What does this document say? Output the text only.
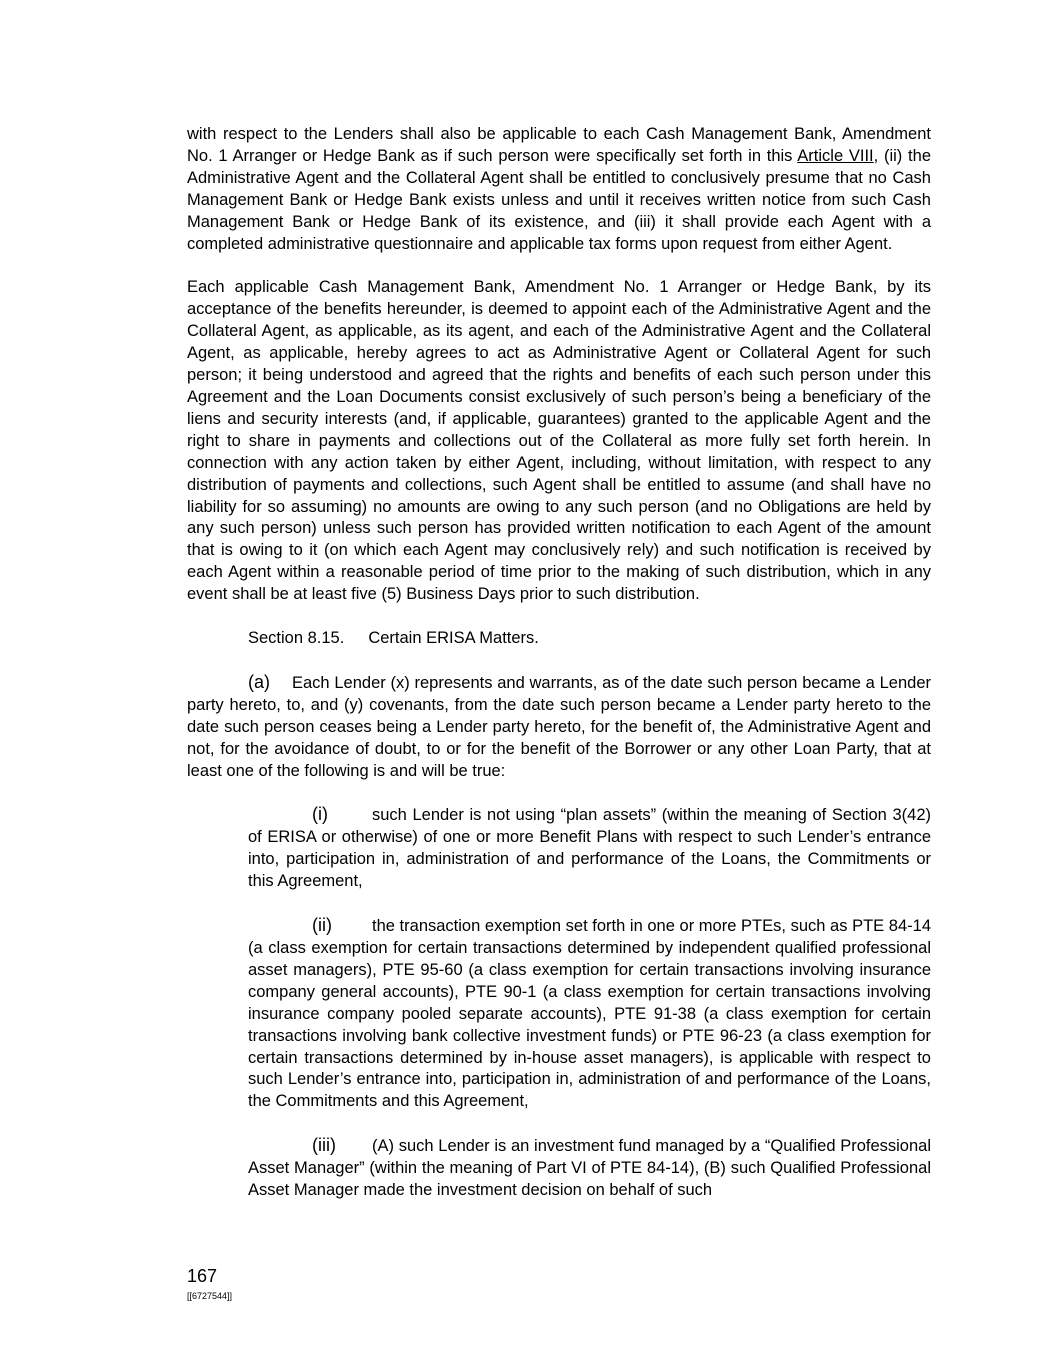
with respect to the Lenders shall also be applicable to each Cash Management Bank, Amendment No. 1 Arranger or Hedge Bank as if such person were specifically set forth in this Article VIII, (ii) the Administrative Agent and the Collateral Agent shall be entitled to conclusively presume that no Cash Management Bank or Hedge Bank exists unless and until it receives written notice from such Cash Management Bank or Hedge Bank of its existence, and (iii) it shall provide each Agent with a completed administrative questionnaire and applicable tax forms upon request from either Agent.

Each applicable Cash Management Bank, Amendment No. 1 Arranger or Hedge Bank, by its acceptance of the benefits hereunder, is deemed to appoint each of the Administrative Agent and the Collateral Agent, as applicable, as its agent, and each of the Administrative Agent and the Collateral Agent, as applicable, hereby agrees to act as Administrative Agent or Collateral Agent for such person; it being understood and agreed that the rights and benefits of each such person under this Agreement and the Loan Documents consist exclusively of such person’s being a beneficiary of the liens and security interests (and, if applicable, guarantees) granted to the applicable Agent and the right to share in payments and collections out of the Collateral as more fully set forth herein. In connection with any action taken by either Agent, including, without limitation, with respect to any distribution of payments and collections, such Agent shall be entitled to assume (and shall have no liability for so assuming) no amounts are owing to any such person (and no Obligations are held by any such person) unless such person has provided written notification to each Agent of the amount that is owing to it (on which each Agent may conclusively rely) and such notification is received by each Agent within a reasonable period of time prior to the making of such distribution, which in any event shall be at least five (5) Business Days prior to such distribution.

Section 8.15. Certain ERISA Matters.

(a) Each Lender (x) represents and warrants, as of the date such person became a Lender party hereto, to, and (y) covenants, from the date such person became a Lender party hereto to the date such person ceases being a Lender party hereto, for the benefit of, the Administrative Agent and not, for the avoidance of doubt, to or for the benefit of the Borrower or any other Loan Party, that at least one of the following is and will be true:

(i)	such Lender is not using “plan assets” (within the meaning of Section 3(42) of ERISA or otherwise) of one or more Benefit Plans with respect to such Lender’s entrance into, participation in, administration of and performance of the Loans, the Commitments or this Agreement,

(ii) the transaction exemption set forth in one or more PTEs, such as PTE 84-14 (a class exemption for certain transactions determined by independent qualified professional asset managers), PTE 95-60 (a class exemption for certain transactions involving insurance company general accounts), PTE 90-1 (a class exemption for certain transactions involving insurance company pooled separate accounts), PTE 91-38 (a class exemption for certain transactions involving bank collective investment funds) or PTE 96-23 (a class exemption for certain transactions determined by in-house asset managers), is applicable with respect to such Lender’s entrance into, participation in, administration of and performance of the Loans, the Commitments and this Agreement,

(iii) (A) such Lender is an investment fund managed by a “Qualified Professional Asset Manager” (within the meaning of Part VI of PTE 84-14), (B) such Qualified Professional Asset Manager made the investment decision on behalf of such

167
[[6727544]]
